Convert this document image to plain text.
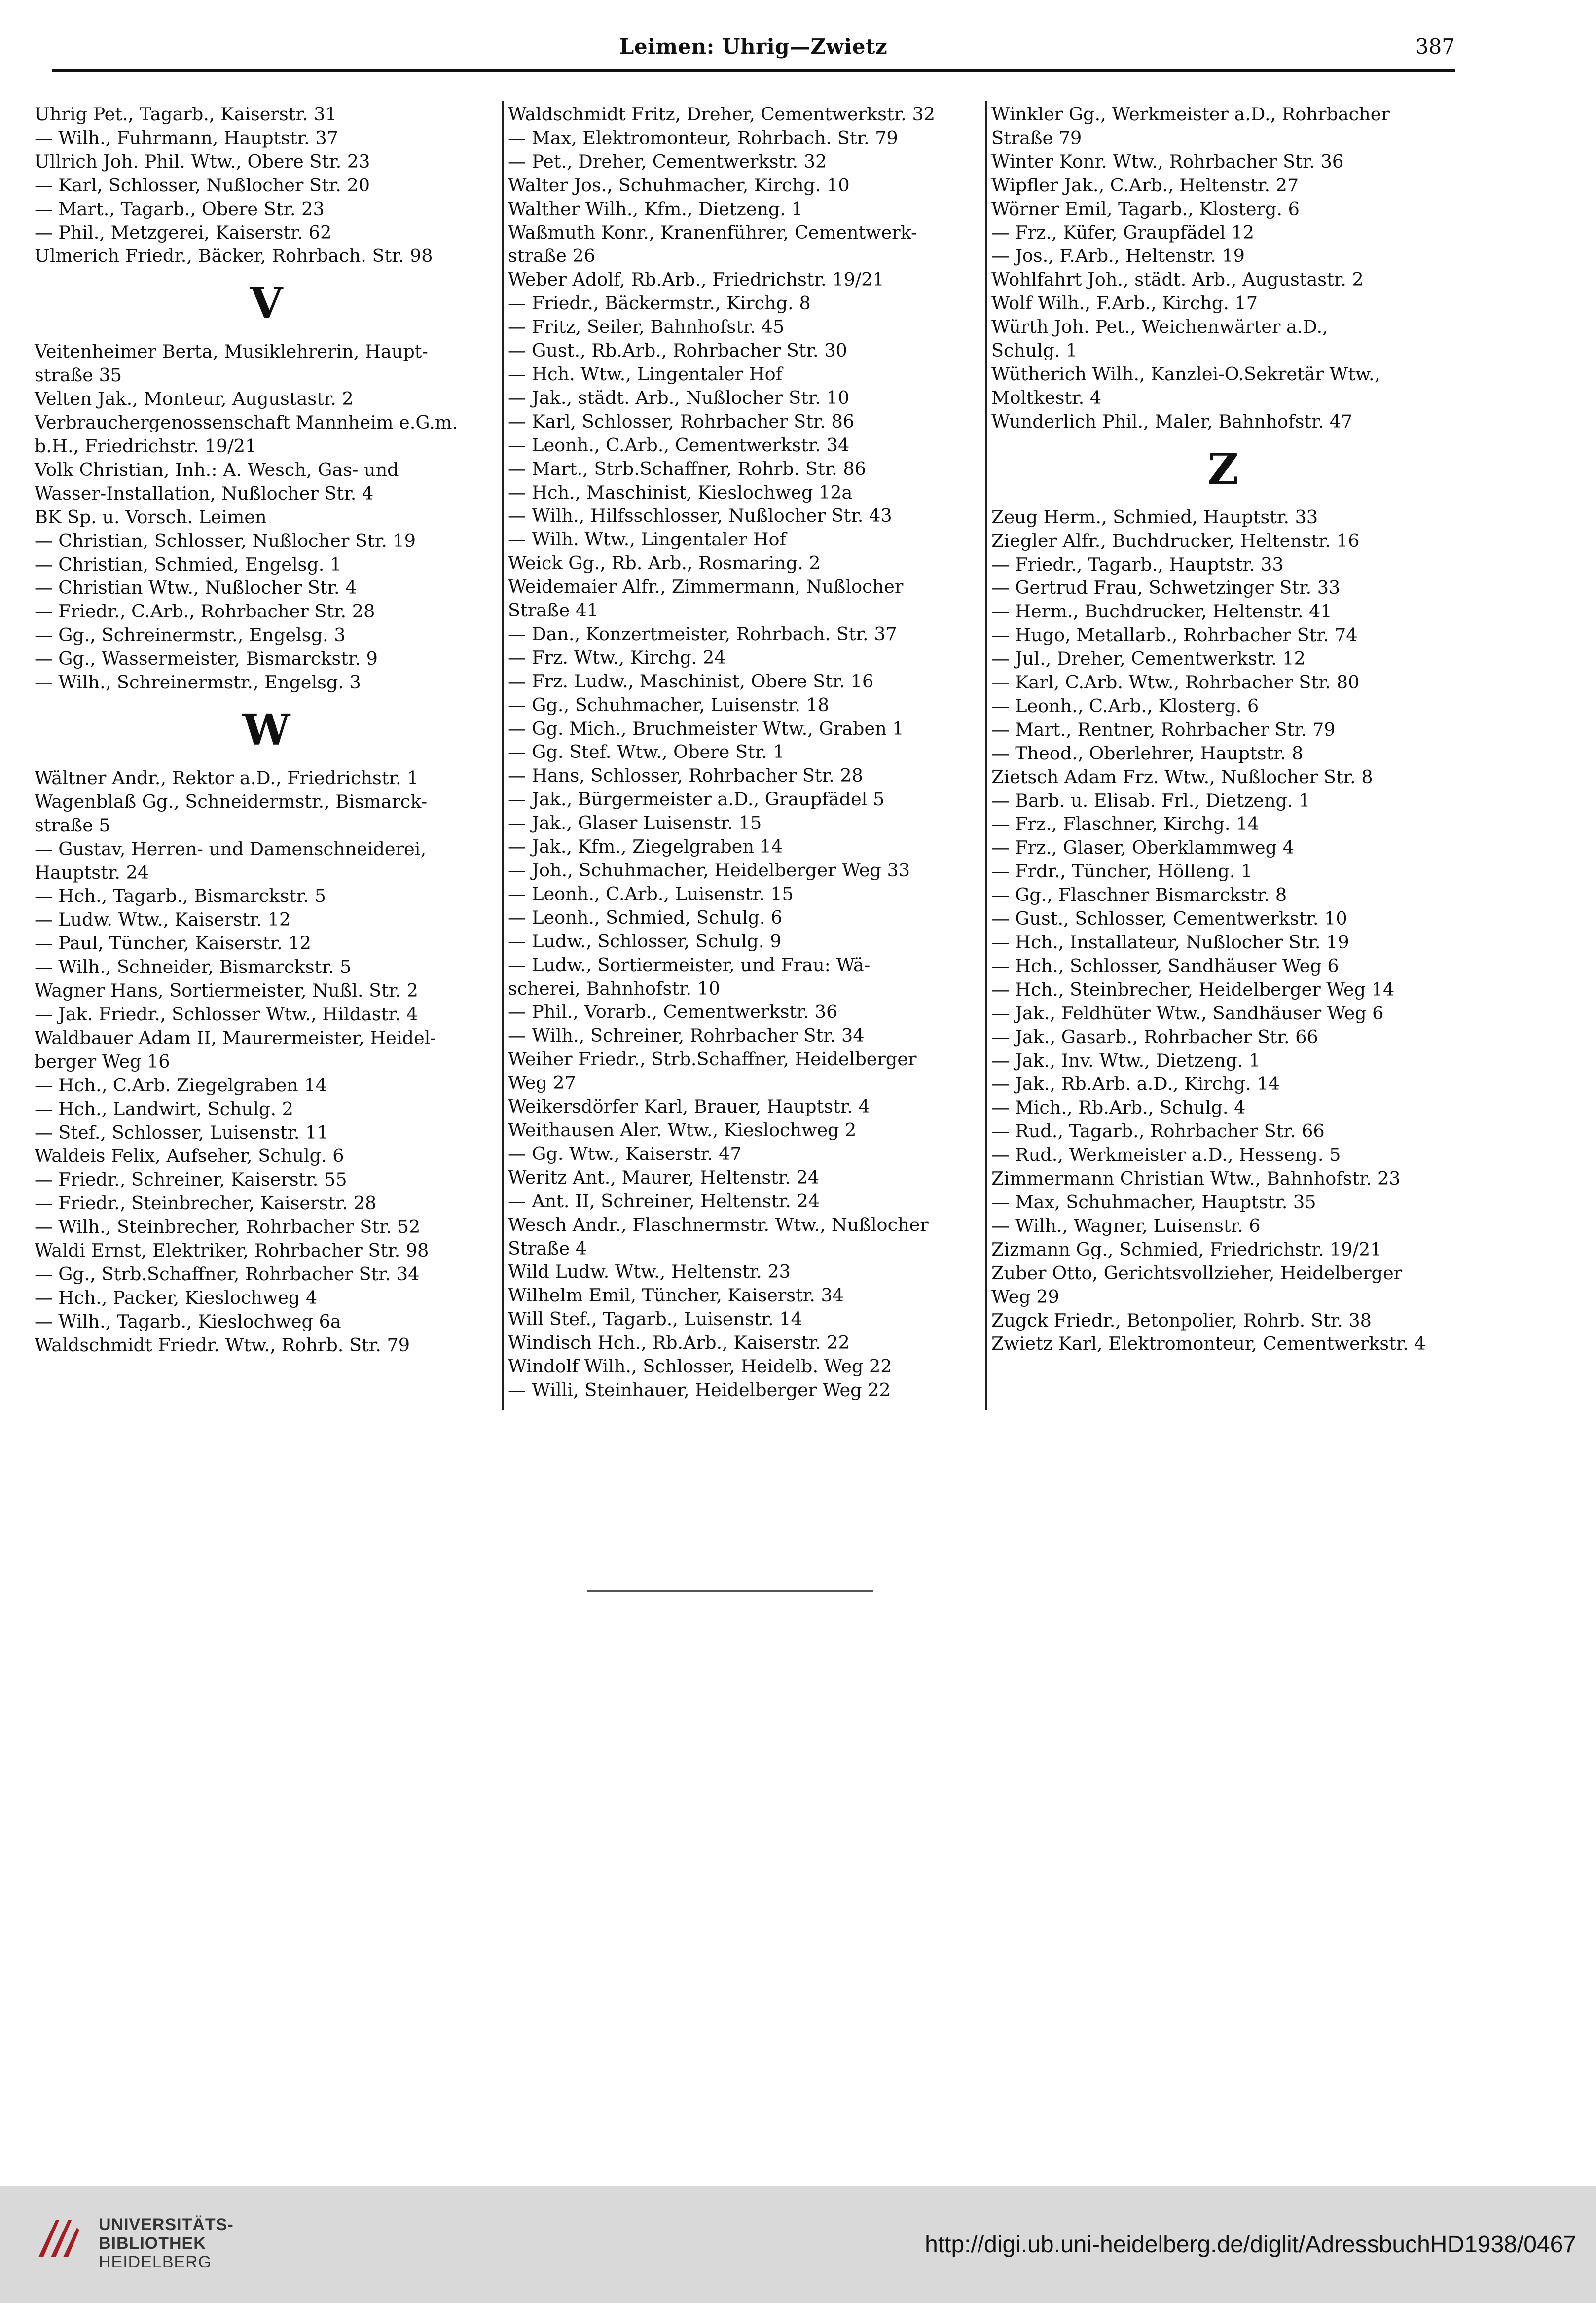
Leimen: Uhrig—Zwietz	387
Uhrig Pet., Tagarb., Kaiserstr. 31
— Wilh., Fuhrmann, Hauptstr. 37
Ullrich Joh. Phil. Wtw., Obere Str. 23
— Karl, Schlosser, Nußlocher Str. 20
— Mart., Tagarb., Obere Str. 23
— Phil., Metzgerei, Kaiserstr. 62
Ulmerich Friedr., Bäcker, Rohrbach. Str. 98
V
Veitenheimer Berta, Musiklehrerin, Haupt-
straße 35
Velten Jak., Monteur, Augustastr. 2
Verbrauchergenossenschaft Mannheim e.G.m.
b.H., Friedrichstr. 19/21
Volk Christian, Inh.: A. Wesch, Gas- und
Wasser-Installation, Nußlocher Str. 4
BK Sp. u. Vorsch. Leimen
— Christian, Schlosser, Nußlocher Str. 19
— Christian, Schmied, Engelsg. 1
— Christian Wtw., Nußlocher Str. 4
— Friedr., C.Arb., Rohrbacher Str. 28
— Gg., Schreinermstr., Engelsg. 3
— Gg., Wassermeister, Bismarckstr. 9
— Wilh., Schreinermstr., Engelsg. 3
W
Wältner Andr., Rektor a.D., Friedrichstr. 1
Wagenblaß Gg., Schneidermstr., Bismarck-
straße 5
— Gustav, Herren- und Damenschneiderei,
Hauptstr. 24
— Hch., Tagarb., Bismarckstr. 5
— Ludw. Wtw., Kaiserstr. 12
— Paul, Tüncher, Kaiserstr. 12
— Wilh., Schneider, Bismarckstr. 5
Wagner Hans, Sortiermeister, Nußl. Str. 2
— Jak. Friedr., Schlosser Wtw., Hildastr. 4
Waldbauer Adam II, Maurermeister, Heidel-
berger Weg 16
— Hch., C.Arb. Ziegelgraben 14
— Hch., Landwirt, Schulg. 2
— Stef., Schlosser, Luisenstr. 11
Waldeis Felix, Aufseher, Schulg. 6
— Friedr., Schreiner, Kaiserstr. 55
— Friedr., Steinbrecher, Kaiserstr. 28
— Wilh., Steinbrecher, Rohrbacher Str. 52
Waldi Ernst, Elektriker, Rohrbacher Str. 98
— Gg., Strb.Schaffner, Rohrbacher Str. 34
— Hch., Packer, Kieslochweg 4
— Wilh., Tagarb., Kieslochweg 6a
Waldschmidt Friedr. Wtw., Rohrb. Str. 79
Waldschmidt Fritz, Dreher, Cementwerkstr. 32
— Max, Elektromonteur, Rohrbach. Str. 79
— Pet., Dreher, Cementwerkstr. 32
Walter Jos., Schuhmacher, Kirchg. 10
Walther Wilh., Kfm., Dietzeng. 1
Waßmuth Konr., Kranenführer, Cementwerk-
straße 26
Weber Adolf, Rb.Arb., Friedrichstr. 19/21
— Friedr., Bäckermstr., Kirchg. 8
— Fritz, Seiler, Bahnhofstr. 45
— Gust., Rb.Arb., Rohrbacher Str. 30
— Hch. Wtw., Lingentaler Hof
— Jak., städt. Arb., Nußlocher Str. 10
— Karl, Schlosser, Rohrbacher Str. 86
— Leonh., C.Arb., Cementwerkstr. 34
— Mart., Strb.Schaffner, Rohrb. Str. 86
— Hch., Maschinist, Kieslochweg 12a
— Wilh., Hilfsschlosser, Nußlocher Str. 43
— Wilh. Wtw., Lingentaler Hof
Weick Gg., Rb. Arb., Rosmaring. 2
Weidemaier Alfr., Zimmermann, Nußlocher
Straße 41
— Dan., Konzertmeister, Rohrbach. Str. 37
— Frz. Wtw., Kirchg. 24
— Frz. Ludw., Maschinist, Obere Str. 16
— Gg., Schuhmacher, Luisenstr. 18
— Gg. Mich., Bruchmeister Wtw., Graben 1
— Gg. Stef. Wtw., Obere Str. 1
— Hans, Schlosser, Rohrbacher Str. 28
— Jak., Bürgermeister a.D., Graupfädel 5
— Jak., Glaser Luisenstr. 15
— Jak., Kfm., Ziegelgraben 14
— Joh., Schuhmacher, Heidelberger Weg 33
— Leonh., C.Arb., Luisenstr. 15
— Leonh., Schmied, Schulg. 6
— Ludw., Schlosser, Schulg. 9
— Ludw., Sortiermeister, und Frau: Wä-
scherei, Bahnhofstr. 10
— Phil., Vorarb., Cementwerkstr. 36
— Wilh., Schreiner, Rohrbacher Str. 34
Weiher Friedr., Strb.Schaffner, Heidelberger
Weg 27
Weikersdörfer Karl, Brauer, Hauptstr. 4
Weithausen Aler. Wtw., Kieslochweg 2
— Gg. Wtw., Kaiserstr. 47
Weritz Ant., Maurer, Heltenstr. 24
— Ant. II, Schreiner, Heltenstr. 24
Wesch Andr., Flaschnermstr. Wtw., Nußlocher
Straße 4
Wild Ludw. Wtw., Heltenstr. 23
Wilhelm Emil, Tüncher, Kaiserstr. 34
Will Stef., Tagarb., Luisenstr. 14
Windisch Hch., Rb.Arb., Kaiserstr. 22
Windolf Wilh., Schlosser, Heidelb. Weg 22
— Willi, Steinhauer, Heidelberger Weg 22
Winkler Gg., Werkmeister a.D., Rohrbacher
Straße 79
Winter Konr. Wtw., Rohrbacher Str. 36
Wipfler Jak., C.Arb., Heltenstr. 27
Wörner Emil, Tagarb., Klosterg. 6
— Frz., Küfer, Graupfädel 12
— Jos., F.Arb., Heltenstr. 19
Wohlfahrt Joh., städt. Arb., Augustastr. 2
Wolf Wilh., F.Arb., Kirchg. 17
Würth Joh. Pet., Weichenwärter a.D.,
Schulg. 1
Wütherich Wilh., Kanzlei-O.Sekretär Wtw.,
Moltkestr. 4
Wunderlich Phil., Maler, Bahnhofstr. 47
Z
Zeug Herm., Schmied, Hauptstr. 33
Ziegler Alfr., Buchdrucker, Heltenstr. 16
— Friedr., Tagarb., Hauptstr. 33
— Gertrud Frau, Schwetzinger Str. 33
— Herm., Buchdrucker, Heltenstr. 41
— Hugo, Metallarb., Rohrbacher Str. 74
— Jul., Dreher, Cementwerkstr. 12
— Karl, C.Arb. Wtw., Rohrbacher Str. 80
— Leonh., C.Arb., Klosterg. 6
— Mart., Rentner, Rohrbacher Str. 79
— Theod., Oberlehrer, Hauptstr. 8
Zietsch Adam Frz. Wtw., Nußlocher Str. 8
— Barb. u. Elisab. Frl., Dietzeng. 1
— Frz., Flaschner, Kirchg. 14
— Frz., Glaser, Oberklammweg 4
— Frdr., Tüncher, Hölleng. 1
— Gg., Flaschner Bismarckstr. 8
— Gust., Schlosser, Cementwerkstr. 10
— Hch., Installateur, Nußlocher Str. 19
— Hch., Schlosser, Sandhäuser Weg 6
— Hch., Steinbrecher, Heidelberger Weg 14
— Jak., Feldhüter Wtw., Sandhäuser Weg 6
— Jak., Gasarb., Rohrbacher Str. 66
— Jak., Inv. Wtw., Dietzeng. 1
— Jak., Rb.Arb. a.D., Kirchg. 14
— Mich., Rb.Arb., Schulg. 4
— Rud., Tagarb., Rohrbacher Str. 66
— Rud., Werkmeister a.D., Hesseng. 5
Zimmermann Christian Wtw., Bahnhofstr. 23
— Max, Schuhmacher, Hauptstr. 35
— Wilh., Wagner, Luisenstr. 6
Zizmann Gg., Schmied, Friedrichstr. 19/21
Zuber Otto, Gerichtsvollzieher, Heidelberger
Weg 29
Zugck Friedr., Betonpolier, Rohrb. Str. 38
Zwietz Karl, Elektromonteur, Cementwerkstr. 4
UNIVERSITÄTS-
BIBLIOTHEK
HEIDELBERG
http://digi.ub.uni-heidelberg.de/diglit/AdressbuchHD1938/0467
